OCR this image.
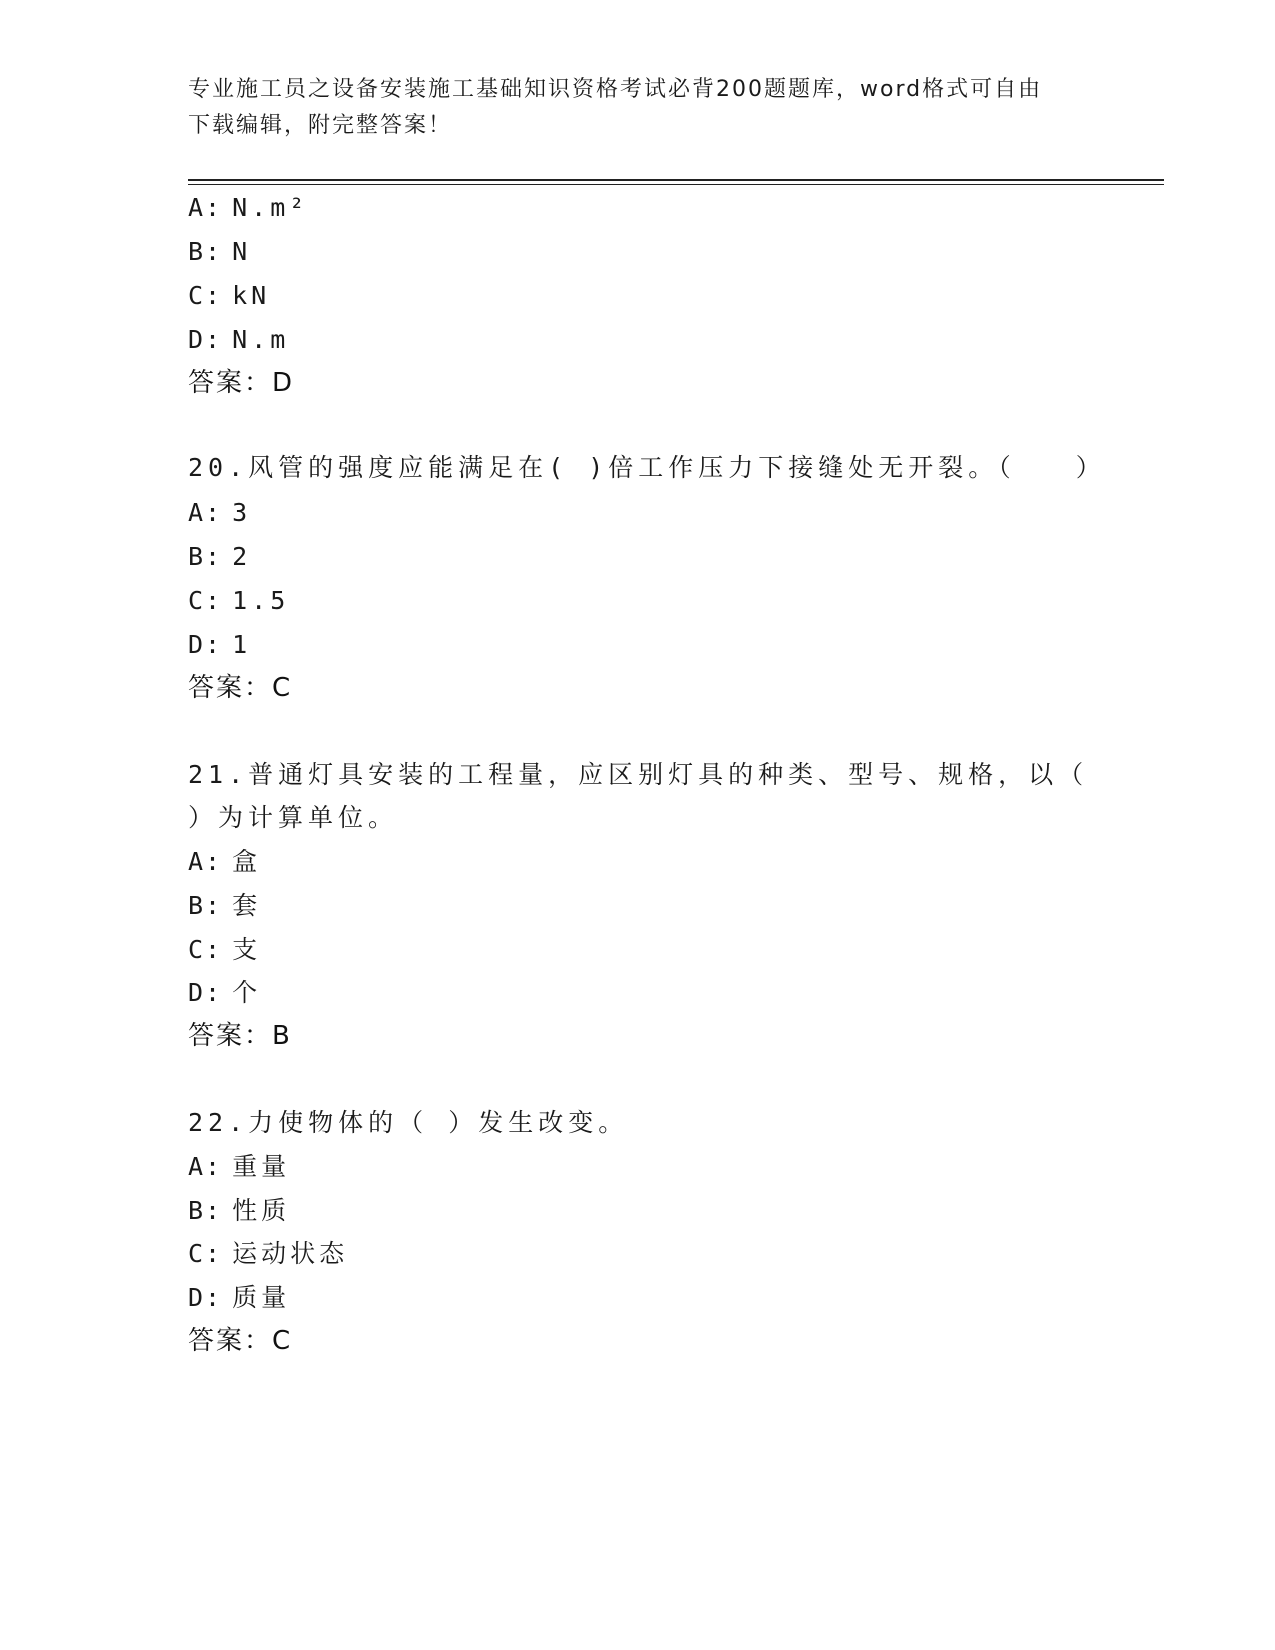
专业施工员之设备安装施工基础知识资格考试必背200题题库，word格式可自由
下载编辑，附完整答案！
A: N.m²
B: N
C: kN
D: N.m
答案：D
20.风管的强度应能满足在( )倍工作压力下接缝处无开裂。（　　）
A: 3
B: 2
C: 1.5
D: 1
答案：C
21.普通灯具安装的工程量，应区别灯具的种类、型号、规格，以（
）为计算单位。
A: 盒
B: 套
C: 支
D: 个
答案：B
22.力使物体的（ ）发生改变。
A: 重量
B: 性质
C: 运动状态
D: 质量
答案：C
